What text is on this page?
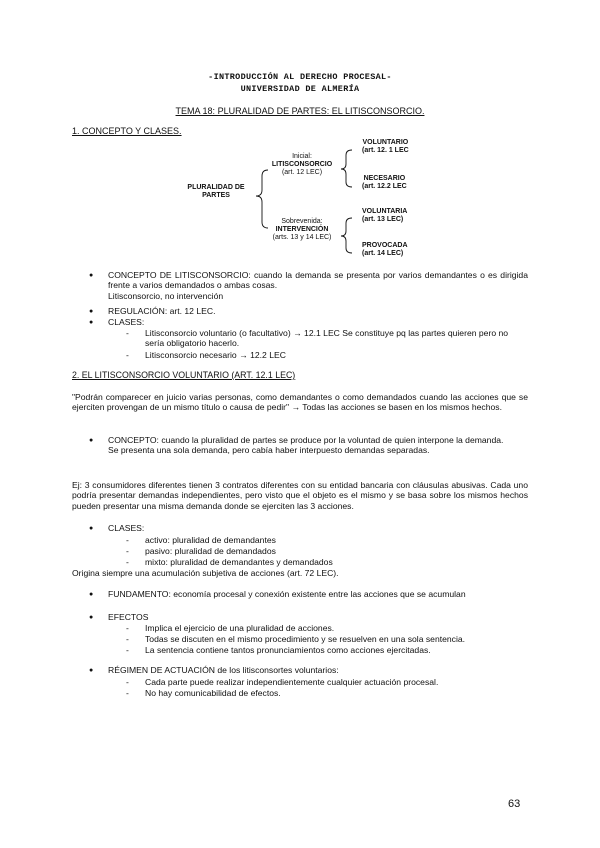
-INTRODUCCIÓN AL DERECHO PROCESAL-
UNIVERSIDAD DE ALMERÍA
TEMA 18: PLURALIDAD DE PARTES: EL LITISCONSORCIO.
1. CONCEPTO Y CLASES.
PLURALIDAD DE
PARTES
Inicial:
LITISCONSORCIO
(art. 12 LEC)
Sobrevenida:
INTERVENCIÓN
(arts. 13 y 14 LEC)
VOLUNTARIO
(art. 12. 1 LEC
NECESARIO
(art. 12.2 LEC
VOLUNTARIA
(art. 13 LEC)
PROVOCADA
(art. 14 LEC)
● CONCEPTO DE LITISCONSORCIO: cuando la demanda se presenta por varios demandantes o es dirigida frente a varios demandados o ambas cosas.
Litisconsorcio, no intervención
● REGULACIÓN: art. 12 LEC.
● CLASES:
- Litisconsorcio voluntario (o facultativo) → 12.1 LEC Se constituye pq las partes quieren pero no sería obligatorio hacerlo.
- Litisconsorcio necesario → 12.2 LEC
2. EL LITISCONSORCIO VOLUNTARIO (ART. 12.1 LEC)
"Podrán comparecer en juicio varias personas, como demandantes o como demandados cuando las acciones que se ejerciten provengan de un mismo título o causa de pedir" → Todas las acciones se basen en los mismos hechos.
● CONCEPTO: cuando la pluralidad de partes se produce por la voluntad de quien interpone la demanda.
Se presenta una sola demanda, pero cabía haber interpuesto demandas separadas.
Ej: 3 consumidores diferentes tienen 3 contratos diferentes con su entidad bancaria con cláusulas abusivas. Cada uno podría presentar demandas independientes, pero visto que el objeto es el mismo y se basa sobre los mismos hechos pueden presentar una misma demanda donde se ejerciten las 3 acciones.
● CLASES:
- activo: pluralidad de demandantes
- pasivo: pluralidad de demandados
- mixto: pluralidad de demandantes y demandados
Origina siempre una acumulación subjetiva de acciones (art. 72 LEC).
● FUNDAMENTO: economía procesal y conexión existente entre las acciones que se acumulan
● EFECTOS
- Implica el ejercicio de una pluralidad de acciones.
- Todas se discuten en el mismo procedimiento y se resuelven en una sola sentencia.
- La sentencia contiene tantos pronunciamientos como acciones ejercitadas.
● RÉGIMEN DE ACTUACIÓN de los litisconsortes voluntarios:
- Cada parte puede realizar independientemente cualquier actuación procesal.
- No hay comunicabilidad de efectos.
63
